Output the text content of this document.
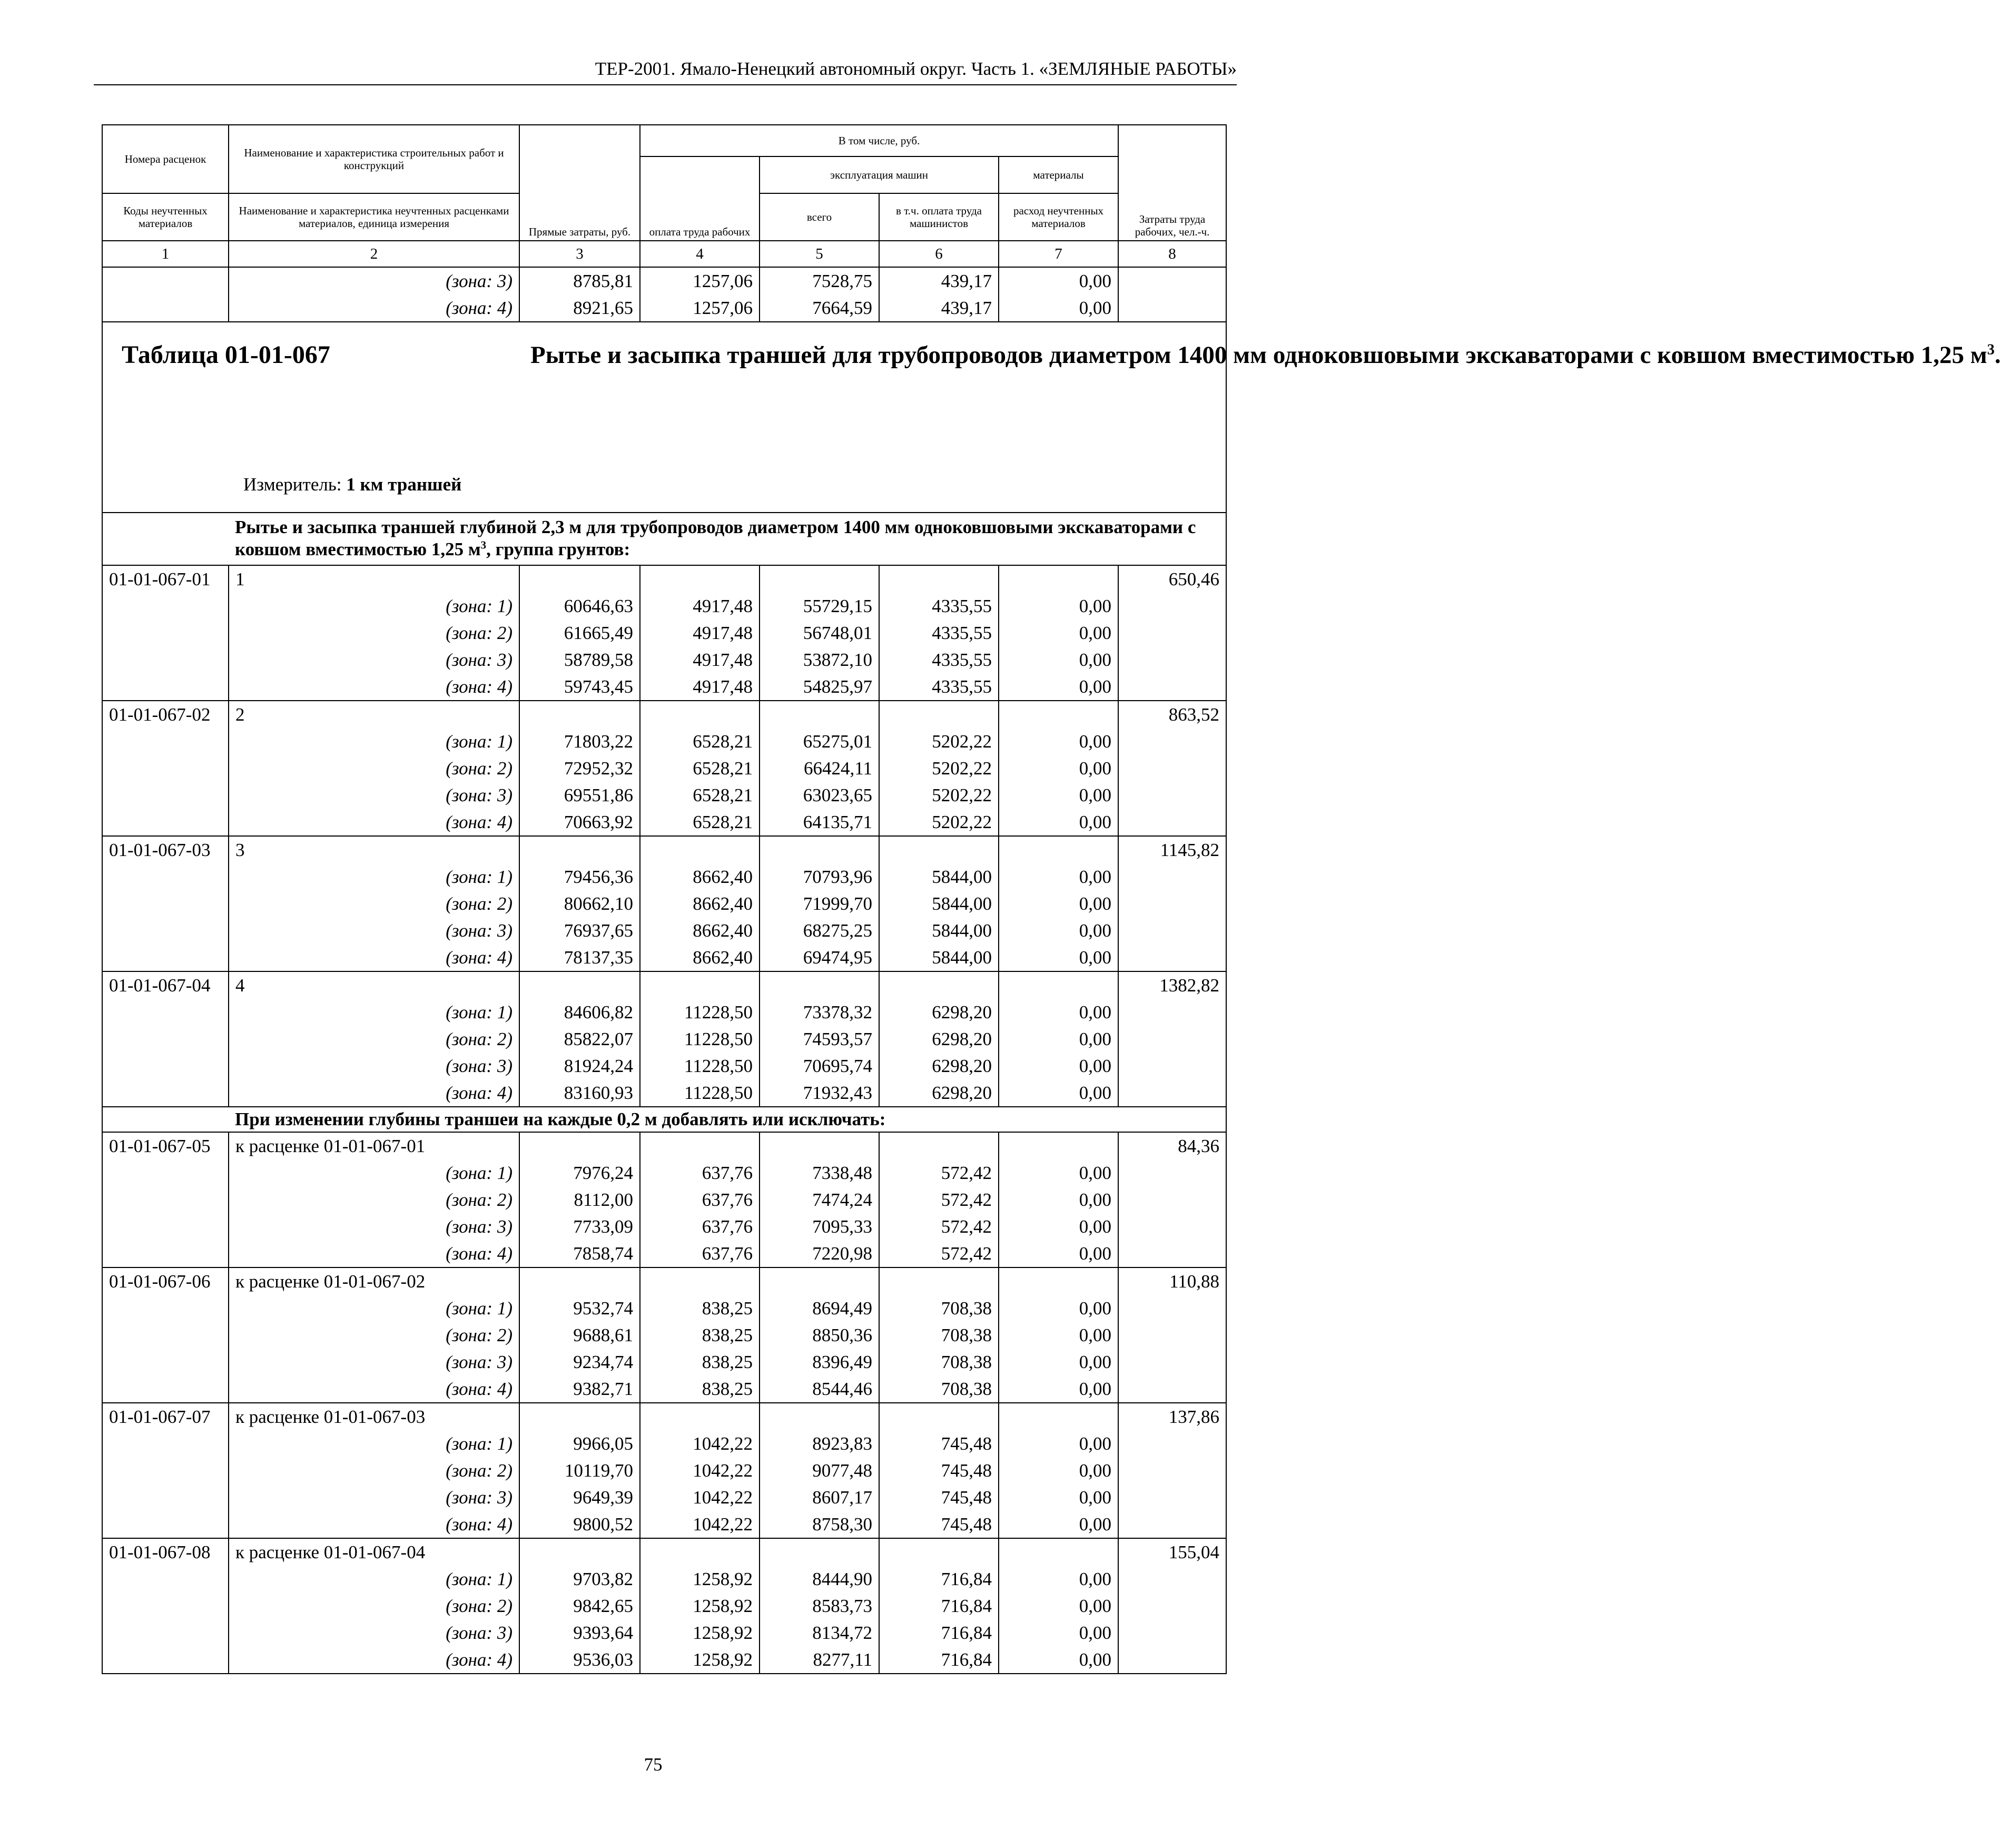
ТЕР-2001. Ямало-Ненецкий автономный округ. Часть 1. «ЗЕМЛЯНЫЕ РАБОТЫ»
Номера расценок	Наименование и характеристика строительных работ и конструкций	Прямые затраты, руб.	В том числе, руб.				Затраты труда рабочих, чел.-ч.
			оплата труда рабочих	эксплуатация машин		материалы	
Коды неучтенных материалов	Наименование и характеристика неучтенных расценками материалов, единица измерения			всего	в т.ч. оплата труда машинистов	расход неучтенных материалов	
1	2	3	4	5	6	7	8
	(зона: 3)	8785,81	1257,06	7528,75	439,17	0,00	
	(зона: 4)	8921,65	1257,06	7664,59	439,17	0,00	

Таблица 01-01-067 Рытье и засыпка траншей для трубопроводов диаметром 1400 мм одноковшовыми экскаваторами с ковшом вместимостью 1,25 $м^3$.
Измеритель: 1 км траншей							

	Рытье и засыпка траншей глубиной 2,3 м для трубопроводов диаметром 1400 мм одноковшовыми экскаваторами с ковшом вместимостью 1,25 $м^3$, группа грунтов:						
01-01-067-01	1						650,46
	(зона: 1)	60646,63	4917,48	55729,15	4335,55	0,00	
	(зона: 2)	61665,49	4917,48	56748,01	4335,55	0,00	
	(зона: 3)	58789,58	4917,48	53872,10	4335,55	0,00	
	(зона: 4)	59743,45	4917,48	54825,97	4335,55	0,00	
01-01-067-02	2						863,52
	(зона: 1)	71803,22	6528,21	65275,01	5202,22	0,00	
	(зона: 2)	72952,32	6528,21	66424,11	5202,22	0,00	
	(зона: 3)	69551,86	6528,21	63023,65	5202,22	0,00	
	(зона: 4)	70663,92	6528,21	64135,71	5202,22	0,00	
01-01-067-03	3						1145,82
	(зона: 1)	79456,36	8662,40	70793,96	5844,00	0,00	
	(зона: 2)	80662,10	8662,40	71999,70	5844,00	0,00	
	(зона: 3)	76937,65	8662,40	68275,25	5844,00	0,00	
	(зона: 4)	78137,35	8662,40	69474,95	5844,00	0,00	
01-01-067-04	4						1382,82
	(зона: 1)	84606,82	11228,50	73378,32	6298,20	0,00	
	(зона: 2)	85822,07	11228,50	74593,57	6298,20	0,00	
	(зона: 3)	81924,24	11228,50	70695,74	6298,20	0,00	
	(зона: 4)	83160,93	11228,50	71932,43	6298,20	0,00	
	При изменении глубины траншеи на каждые 0,2 м добавлять или исключать:						
01-01-067-05	к расценке 01-01-067-01						84,36
	(зона: 1)	7976,24	637,76	7338,48	572,42	0,00	
	(зона: 2)	8112,00	637,76	7474,24	572,42	0,00	
	(зона: 3)	7733,09	637,76	7095,33	572,42	0,00	
	(зона: 4)	7858,74	637,76	7220,98	572,42	0,00	
01-01-067-06	к расценке 01-01-067-02						110,88
	(зона: 1)	9532,74	838,25	8694,49	708,38	0,00	
	(зона: 2)	9688,61	838,25	8850,36	708,38	0,00	
	(зона: 3)	9234,74	838,25	8396,49	708,38	0,00	
	(зона: 4)	9382,71	838,25	8544,46	708,38	0,00	
01-01-067-07	к расценке 01-01-067-03						137,86
	(зона: 1)	9966,05	1042,22	8923,83	745,48	0,00	
	(зона: 2)	10119,70	1042,22	9077,48	745,48	0,00	
	(зона: 3)	9649,39	1042,22	8607,17	745,48	0,00	
	(зона: 4)	9800,52	1042,22	8758,30	745,48	0,00	
01-01-067-08	к расценке 01-01-067-04						155,04
	(зона: 1)	9703,82	1258,92	8444,90	716,84	0,00	
	(зона: 2)	9842,65	1258,92	8583,73	716,84	0,00	
	(зона: 3)	9393,64	1258,92	8134,72	716,84	0,00	
	(зона: 4)	9536,03	1258,92	8277,11	716,84	0,00	
75
